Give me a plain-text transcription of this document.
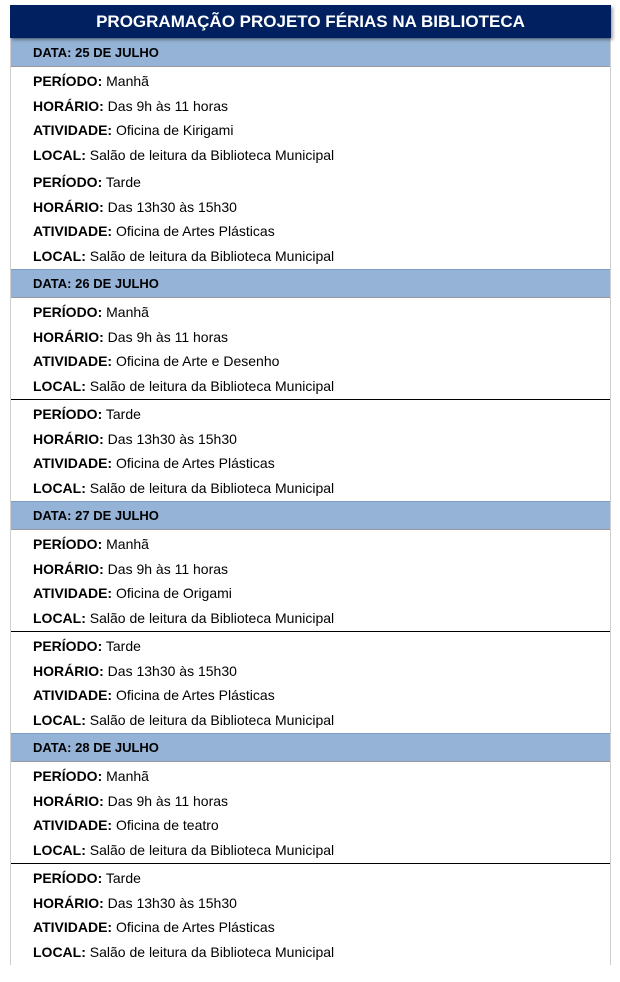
PROGRAMAÇÃO PROJETO FÉRIAS NA BIBLIOTECA
DATA: 25 DE JULHO
PERÍODO: Manhã
HORÁRIO: Das 9h às 11 horas
ATIVIDADE: Oficina de Kirigami
LOCAL: Salão de leitura da Biblioteca Municipal
PERÍODO: Tarde
HORÁRIO: Das 13h30 às 15h30
ATIVIDADE: Oficina de Artes Plásticas
LOCAL: Salão de leitura da Biblioteca Municipal
DATA: 26 DE JULHO
PERÍODO: Manhã
HORÁRIO: Das 9h às 11 horas
ATIVIDADE: Oficina de Arte e Desenho
LOCAL: Salão de leitura da Biblioteca Municipal
PERÍODO: Tarde
HORÁRIO: Das 13h30 às 15h30
ATIVIDADE: Oficina de Artes Plásticas
LOCAL: Salão de leitura da Biblioteca Municipal
DATA: 27 DE JULHO
PERÍODO: Manhã
HORÁRIO: Das 9h às 11 horas
ATIVIDADE: Oficina de Origami
LOCAL: Salão de leitura da Biblioteca Municipal
PERÍODO: Tarde
HORÁRIO: Das 13h30 às 15h30
ATIVIDADE: Oficina de Artes Plásticas
LOCAL: Salão de leitura da Biblioteca Municipal
DATA: 28 DE JULHO
PERÍODO: Manhã
HORÁRIO: Das 9h às 11 horas
ATIVIDADE: Oficina de teatro
LOCAL: Salão de leitura da Biblioteca Municipal
PERÍODO: Tarde
HORÁRIO: Das 13h30 às 15h30
ATIVIDADE: Oficina de Artes Plásticas
LOCAL: Salão de leitura da Biblioteca Municipal
